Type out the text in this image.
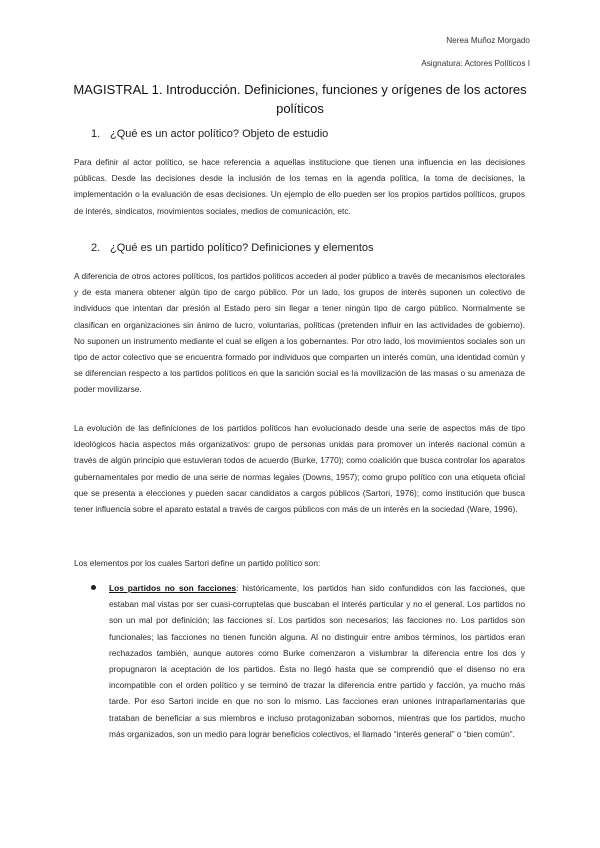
Nerea Muñoz Morgado
Asignatura: Actores Políticos I
MAGISTRAL 1. Introducción. Definiciones, funciones y orígenes de los actores políticos
1. ¿Qué es un actor político? Objeto de estudio
Para definir al actor político, se hace referencia a aquellas institucione que tienen una influencia en las decisiones públicas. Desde las decisiones desde la inclusión de los temas en la agenda política, la toma de decisiones, la implementación o la evaluación de esas decisiones. Un ejemplo de ello pueden ser los propios partidos políticos, grupos de interés, sindicatos, movimientos sociales, medios de comunicación, etc.
2. ¿Qué es un partido político? Definiciones y elementos
A diferencia de otros actores políticos, los partidos políticos acceden al poder público a través de mecanismos electorales y de esta manera obtener algún tipo de cargo público. Por un lado, los grupos de interés suponen un colectivo de individuos que intentan dar presión al Estado pero sin llegar a tener ningún tipo de cargo público. Normalmente se clasifican en organizaciones sin ánimo de lucro, voluntarias, políticas (pretenden influir en las actividades de gobierno). No suponen un instrumento mediante el cual se eligen a los gobernantes. Por otro lado, los movimientos sociales son un tipo de actor colectivo que se encuentra formado por individuos que comparten un interés común, una identidad común y se diferencian respecto a los partidos políticos en que la sanción social es la movilización de las masas o su amenaza de poder movilizarse.
La evolución de las definiciones de los partidos políticos han evolucionado desde una serie de aspectos más de tipo ideológicos hacia aspectos más organizativos: grupo de personas unidas para promover un interés nacional común a través de algún principio que estuvieran todos de acuerdo (Burke, 1770); como coalición que busca controlar los aparatos gubernamentales por medio de una serie de normas legales (Downs, 1957); como grupo político con una etiqueta oficial que se presenta a elecciones y pueden sacar candidatos a cargos públicos (Sartori, 1976); como institución que busca tener influencia sobre el aparato estatal a través de cargos públicos con más de un interés en la sociedad (Ware, 1996).
Los elementos por los cuales Sartori define un partido político son:
Los partidos no son facciones: históricamente, los partidos han sido confundidos con las facciones, que estaban mal vistas por ser cuasi-corruptelas que buscaban el interés particular y no el general. Los partidos no son un mal por definición; las facciones sí. Los partidos son necesarios; las facciones no. Los partidos son funcionales; las facciones no tienen función alguna. Al no distinguir entre ambos términos, los partidos eran rechazados también, aunque autores como Burke comenzaron a vislumbrar la diferencia entre los dos y propugnaron la aceptación de los partidos. Ésta no llegó hasta que se comprendió que el disenso no era incompatible con el orden político y se terminó de trazar la diferencia entre partido y facción, ya mucho más tarde. Por eso Sartori incide en que no son lo mismo. Las facciones eran uniones intraparlamentarias que trataban de beneficiar a sus miembros e incluso protagonizaban sobornos, mientras que los partidos, mucho más organizados, son un medio para lograr beneficios colectivos, el llamado “interés general” o “bien común”.
